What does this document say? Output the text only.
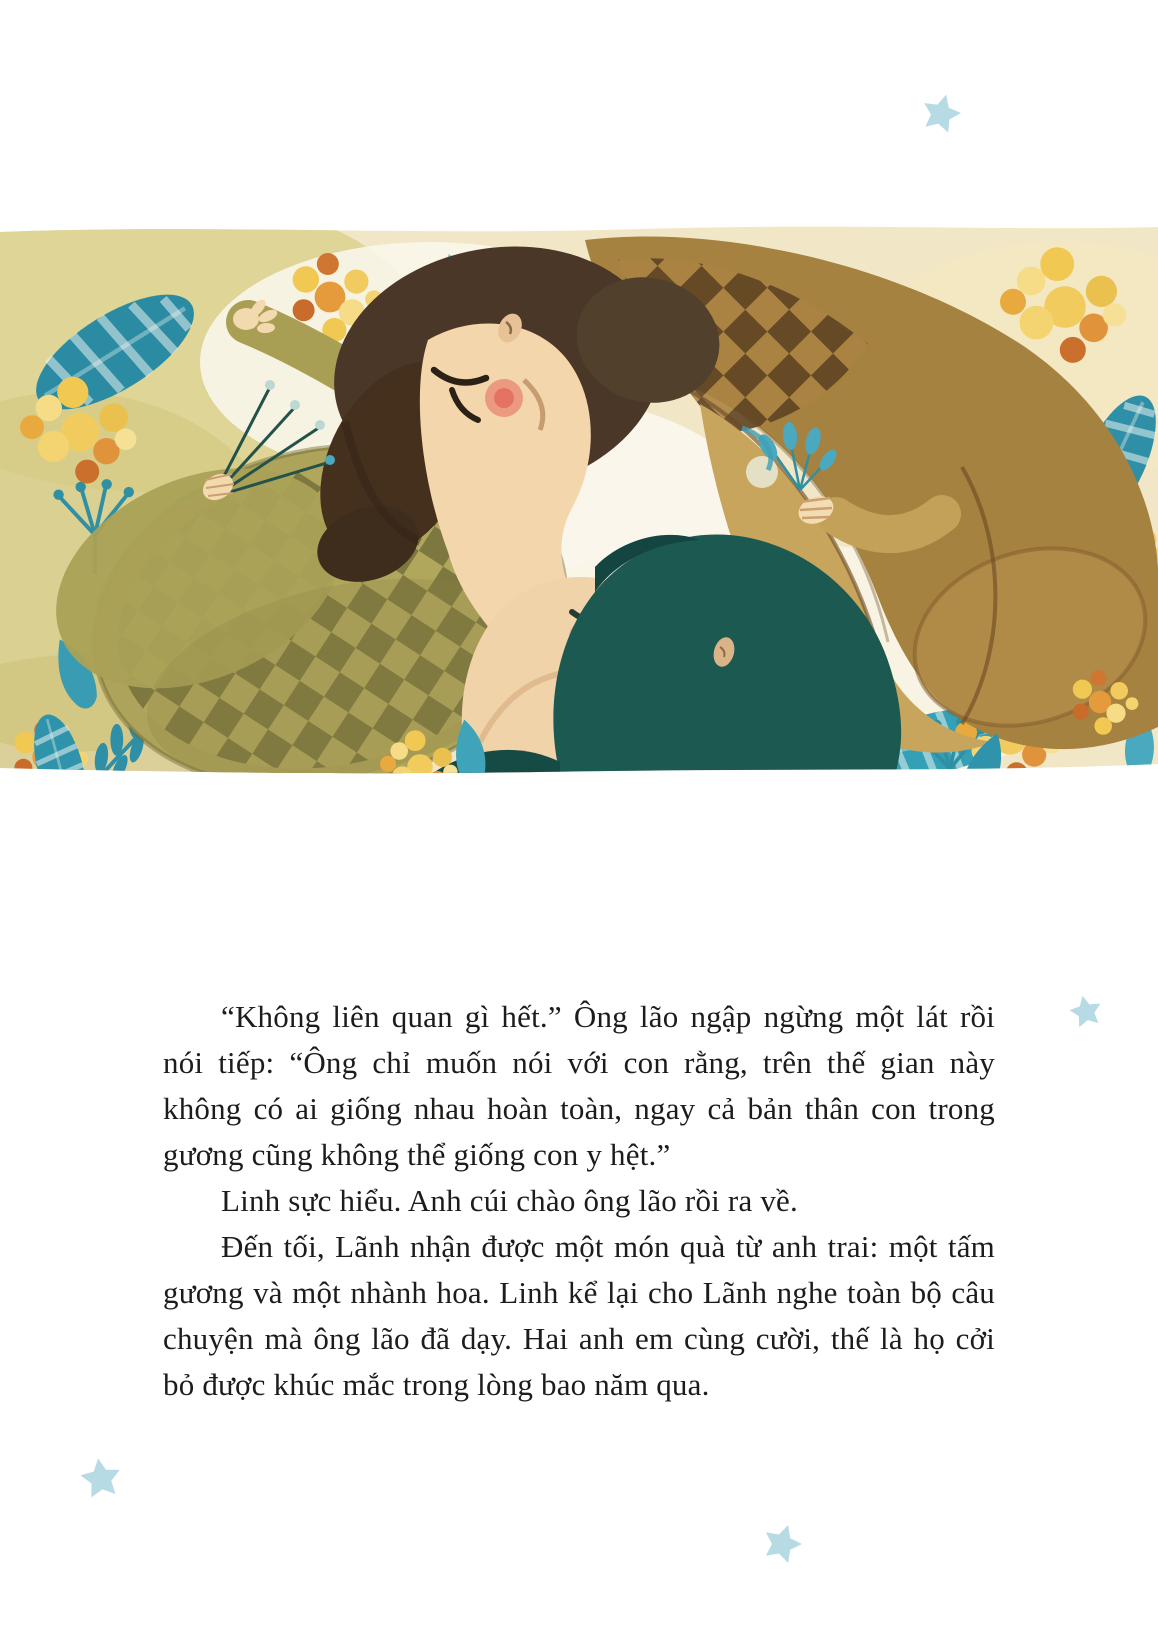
“Không liên quan gì hết.” Ông lão ngập ngừng một lát rồi nói tiếp: “Ông chỉ muốn nói với con rằng, trên thế gian này không có ai giống nhau hoàn toàn, ngay cả bản thân con trong gương cũng không thể giống con y hệt.”

Linh sực hiểu. Anh cúi chào ông lão rồi ra về.

Đến tối, Lãnh nhận được một món quà từ anh trai: một tấm gương và một nhành hoa. Linh kể lại cho Lãnh nghe toàn bộ câu chuyện mà ông lão đã dạy. Hai anh em cùng cười, thế là họ cởi bỏ được khúc mắc trong lòng bao năm qua.
